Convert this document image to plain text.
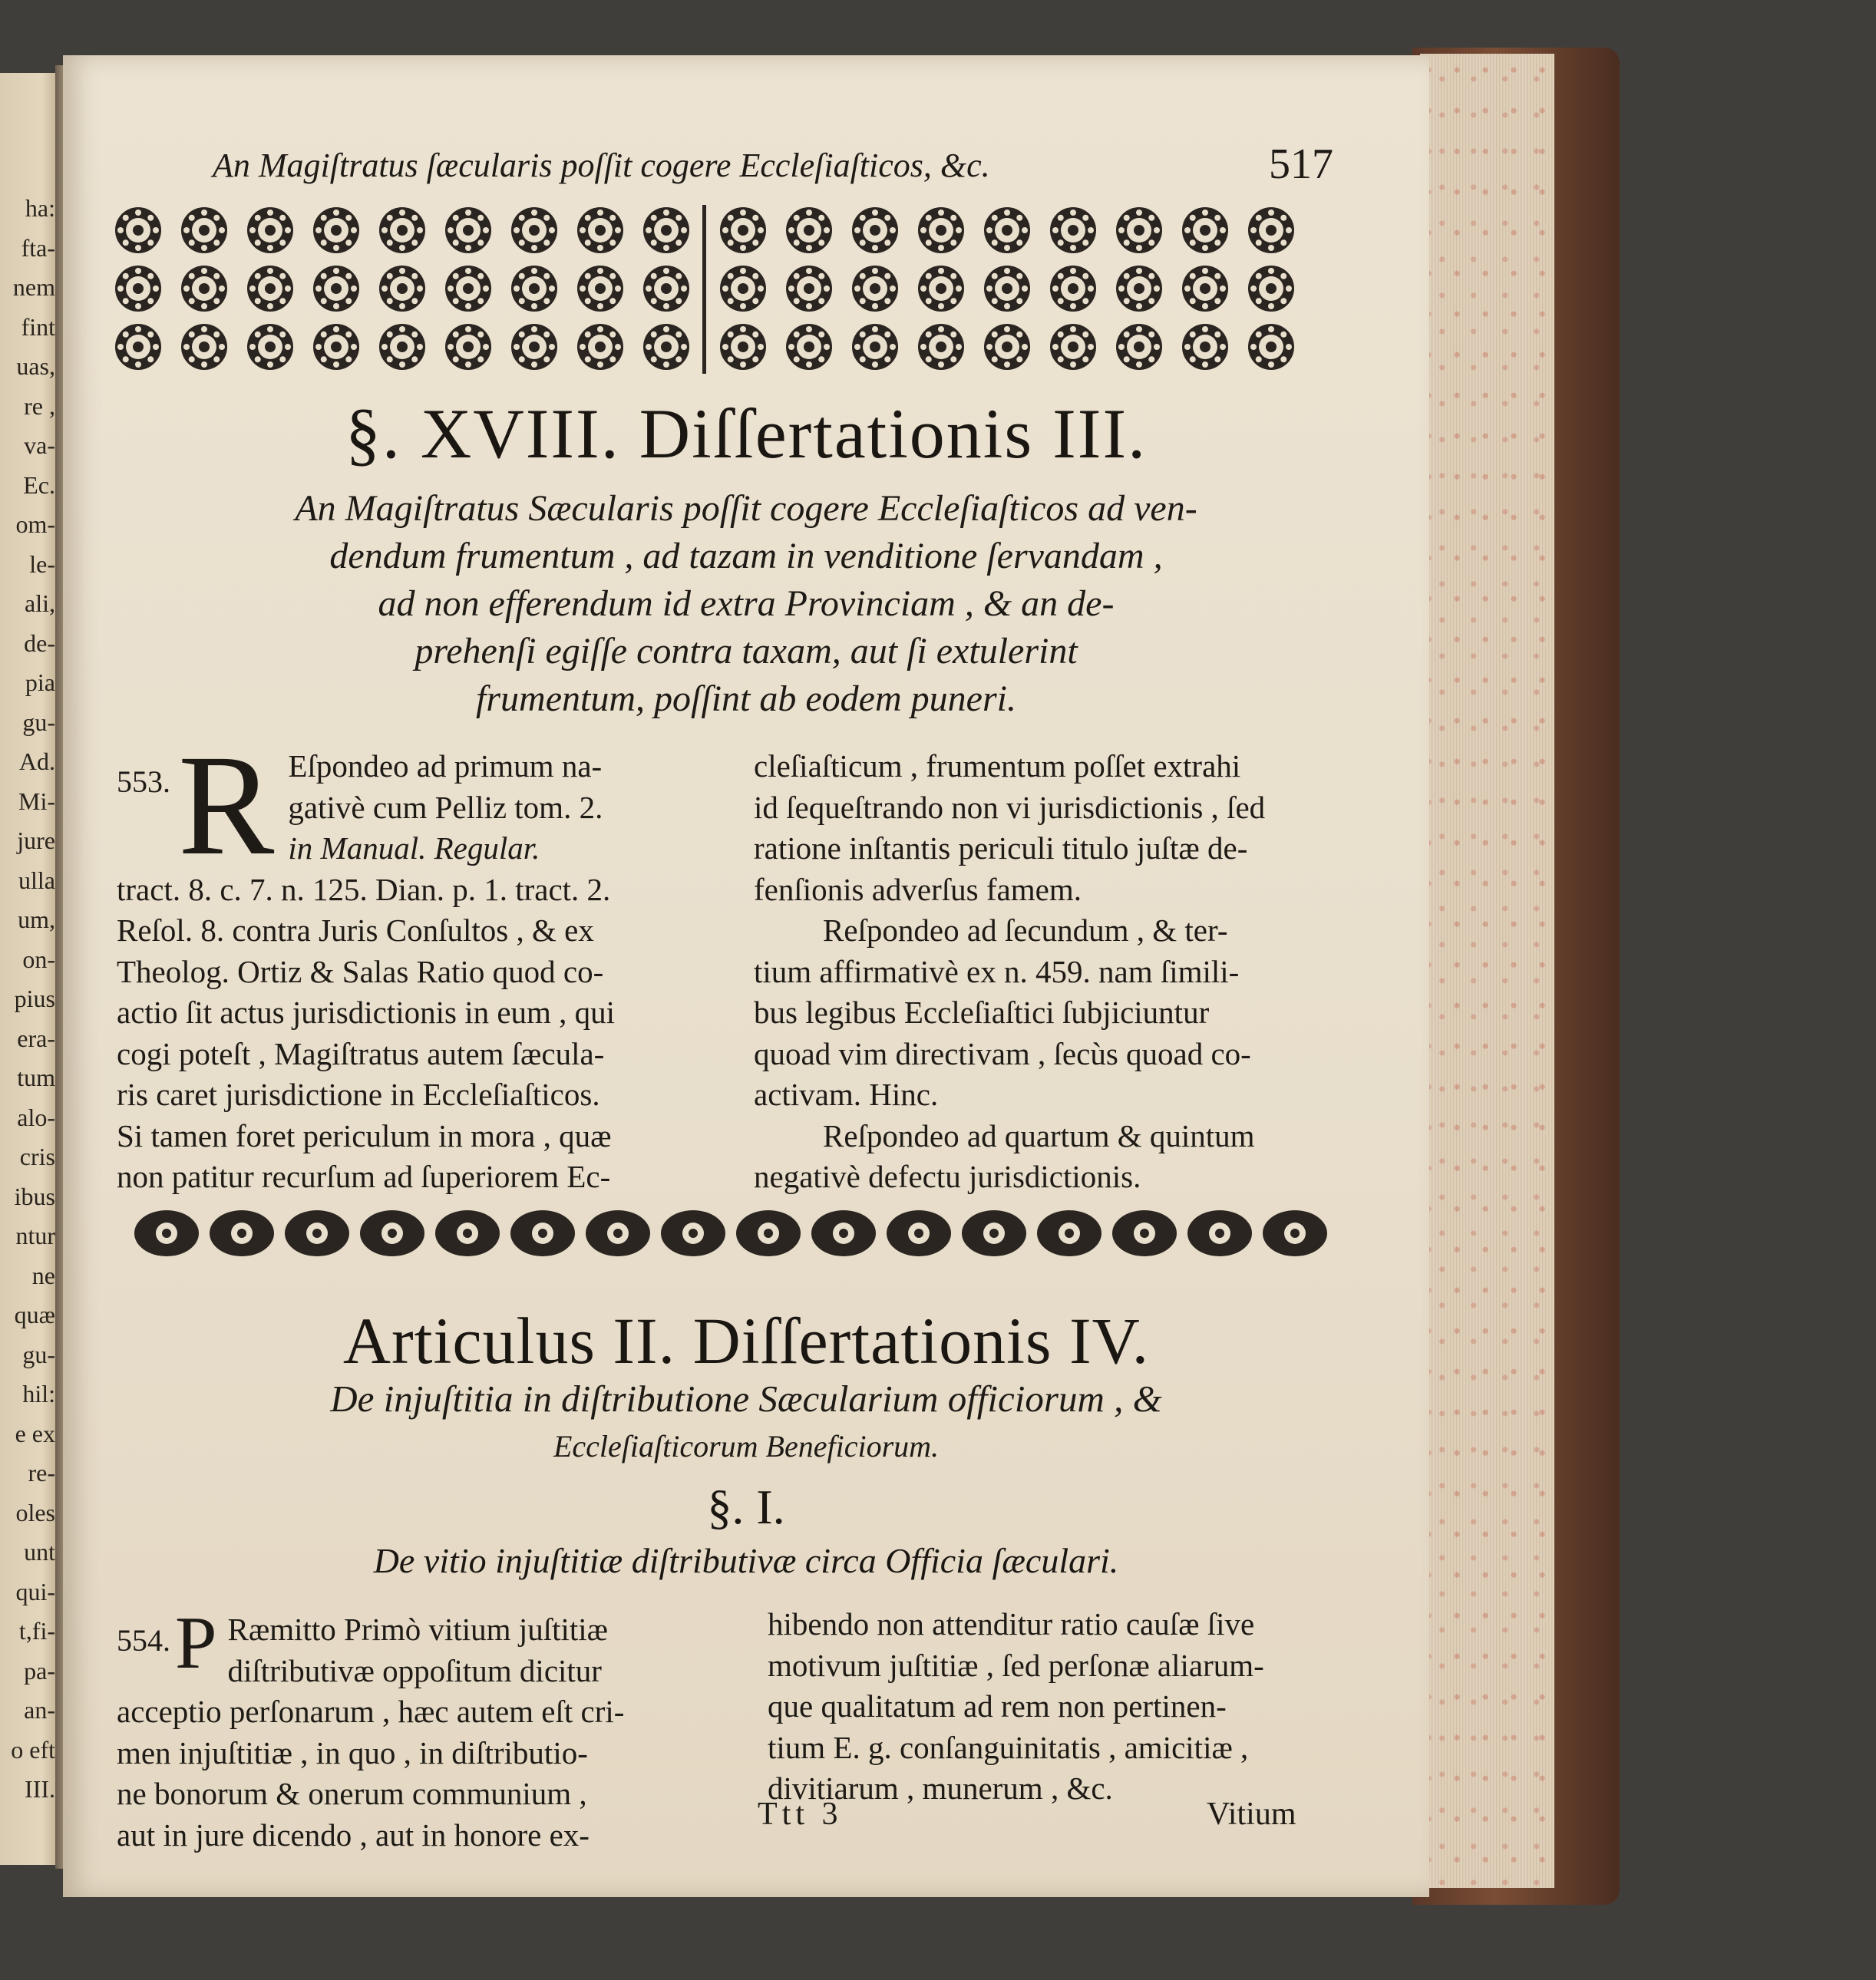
ha:
fta-
nem
fint
uas,
re ,
va-
Ec.
om-
le-
ali,
de-
pia
gu-
Ad.
Mi-
jure
ulla
um,
on-
pius
era-
tum
alo-
cris
ibus
ntur
ne
quæ
gu-
hil:
e ex
re-
oles
unt
qui-
t,fi-
pa-
an-
o eft
III.
An Magiſtratus ſæcularis poſſit cogere Eccleſiaſticos, &c.	517
§. XVIII. Diſſertationis III.
An Magiſtratus Sæcularis poſſit cogere Eccleſiaſticos ad ven-
dendum frumentum , ad tazam in venditione ſervandam ,
ad non efferendum id extra Provinciam , & an de-
prehenſi egiſſe contra taxam, aut ſi extulerint
frumentum, poſſint ab eodem puneri.
553. R Eſpondeo ad primum na-
gativè cum Pelliz tom. 2.
in Manual. Regular.
tract. 8. c. 7. n. 125. Dian. p. 1. tract. 2.
Reſol. 8. contra Juris Conſultos , & ex
Theolog. Ortiz & Salas Ratio quod co-
actio ſit actus jurisdictionis in eum , qui
cogi poteſt , Magiſtratus autem ſæcula-
ris caret jurisdictione in Eccleſiaſticos.
Si tamen foret periculum in mora , quæ
non patitur recurſum ad ſuperiorem Ec-
cleſiaſticum , frumentum poſſet extrahi
id ſequeſtrando non vi jurisdictionis , ſed
ratione inſtantis periculi titulo juſtæ de-
fenſionis adverſus famem.
Reſpondeo ad ſecundum , & ter-
tium affirmativè ex n. 459. nam ſimili-
bus legibus Eccleſiaſtici ſubjiciuntur
quoad vim directivam , ſecùs quoad co-
activam. Hinc.
Reſpondeo ad quartum & quintum
negativè defectu jurisdictionis.
Articulus II. Diſſertationis IV.
De injuſtitia in diſtributione Sæcularium officiorum , &
Eccleſiaſticorum Beneficiorum.
§. I.
De vitio injuſtitiæ diſtributivæ circa Officia ſæculari.
554. P Ræmitto Primò vitium juſtitiæ
diſtributivæ oppoſitum dicitur
acceptio perſonarum , hæc autem eſt cri-
men injuſtitiæ , in quo , in diſtributio-
ne bonorum & onerum communium ,
aut in jure dicendo , aut in honore ex-
hibendo non attenditur ratio cauſæ ſive
motivum juſtitiæ , ſed perſonæ aliarum-
que qualitatum ad rem non pertinen-
tium E. g. conſanguinitatis , amicitiæ ,
divitiarum , munerum , &c.
Ttt 3	Vitium
